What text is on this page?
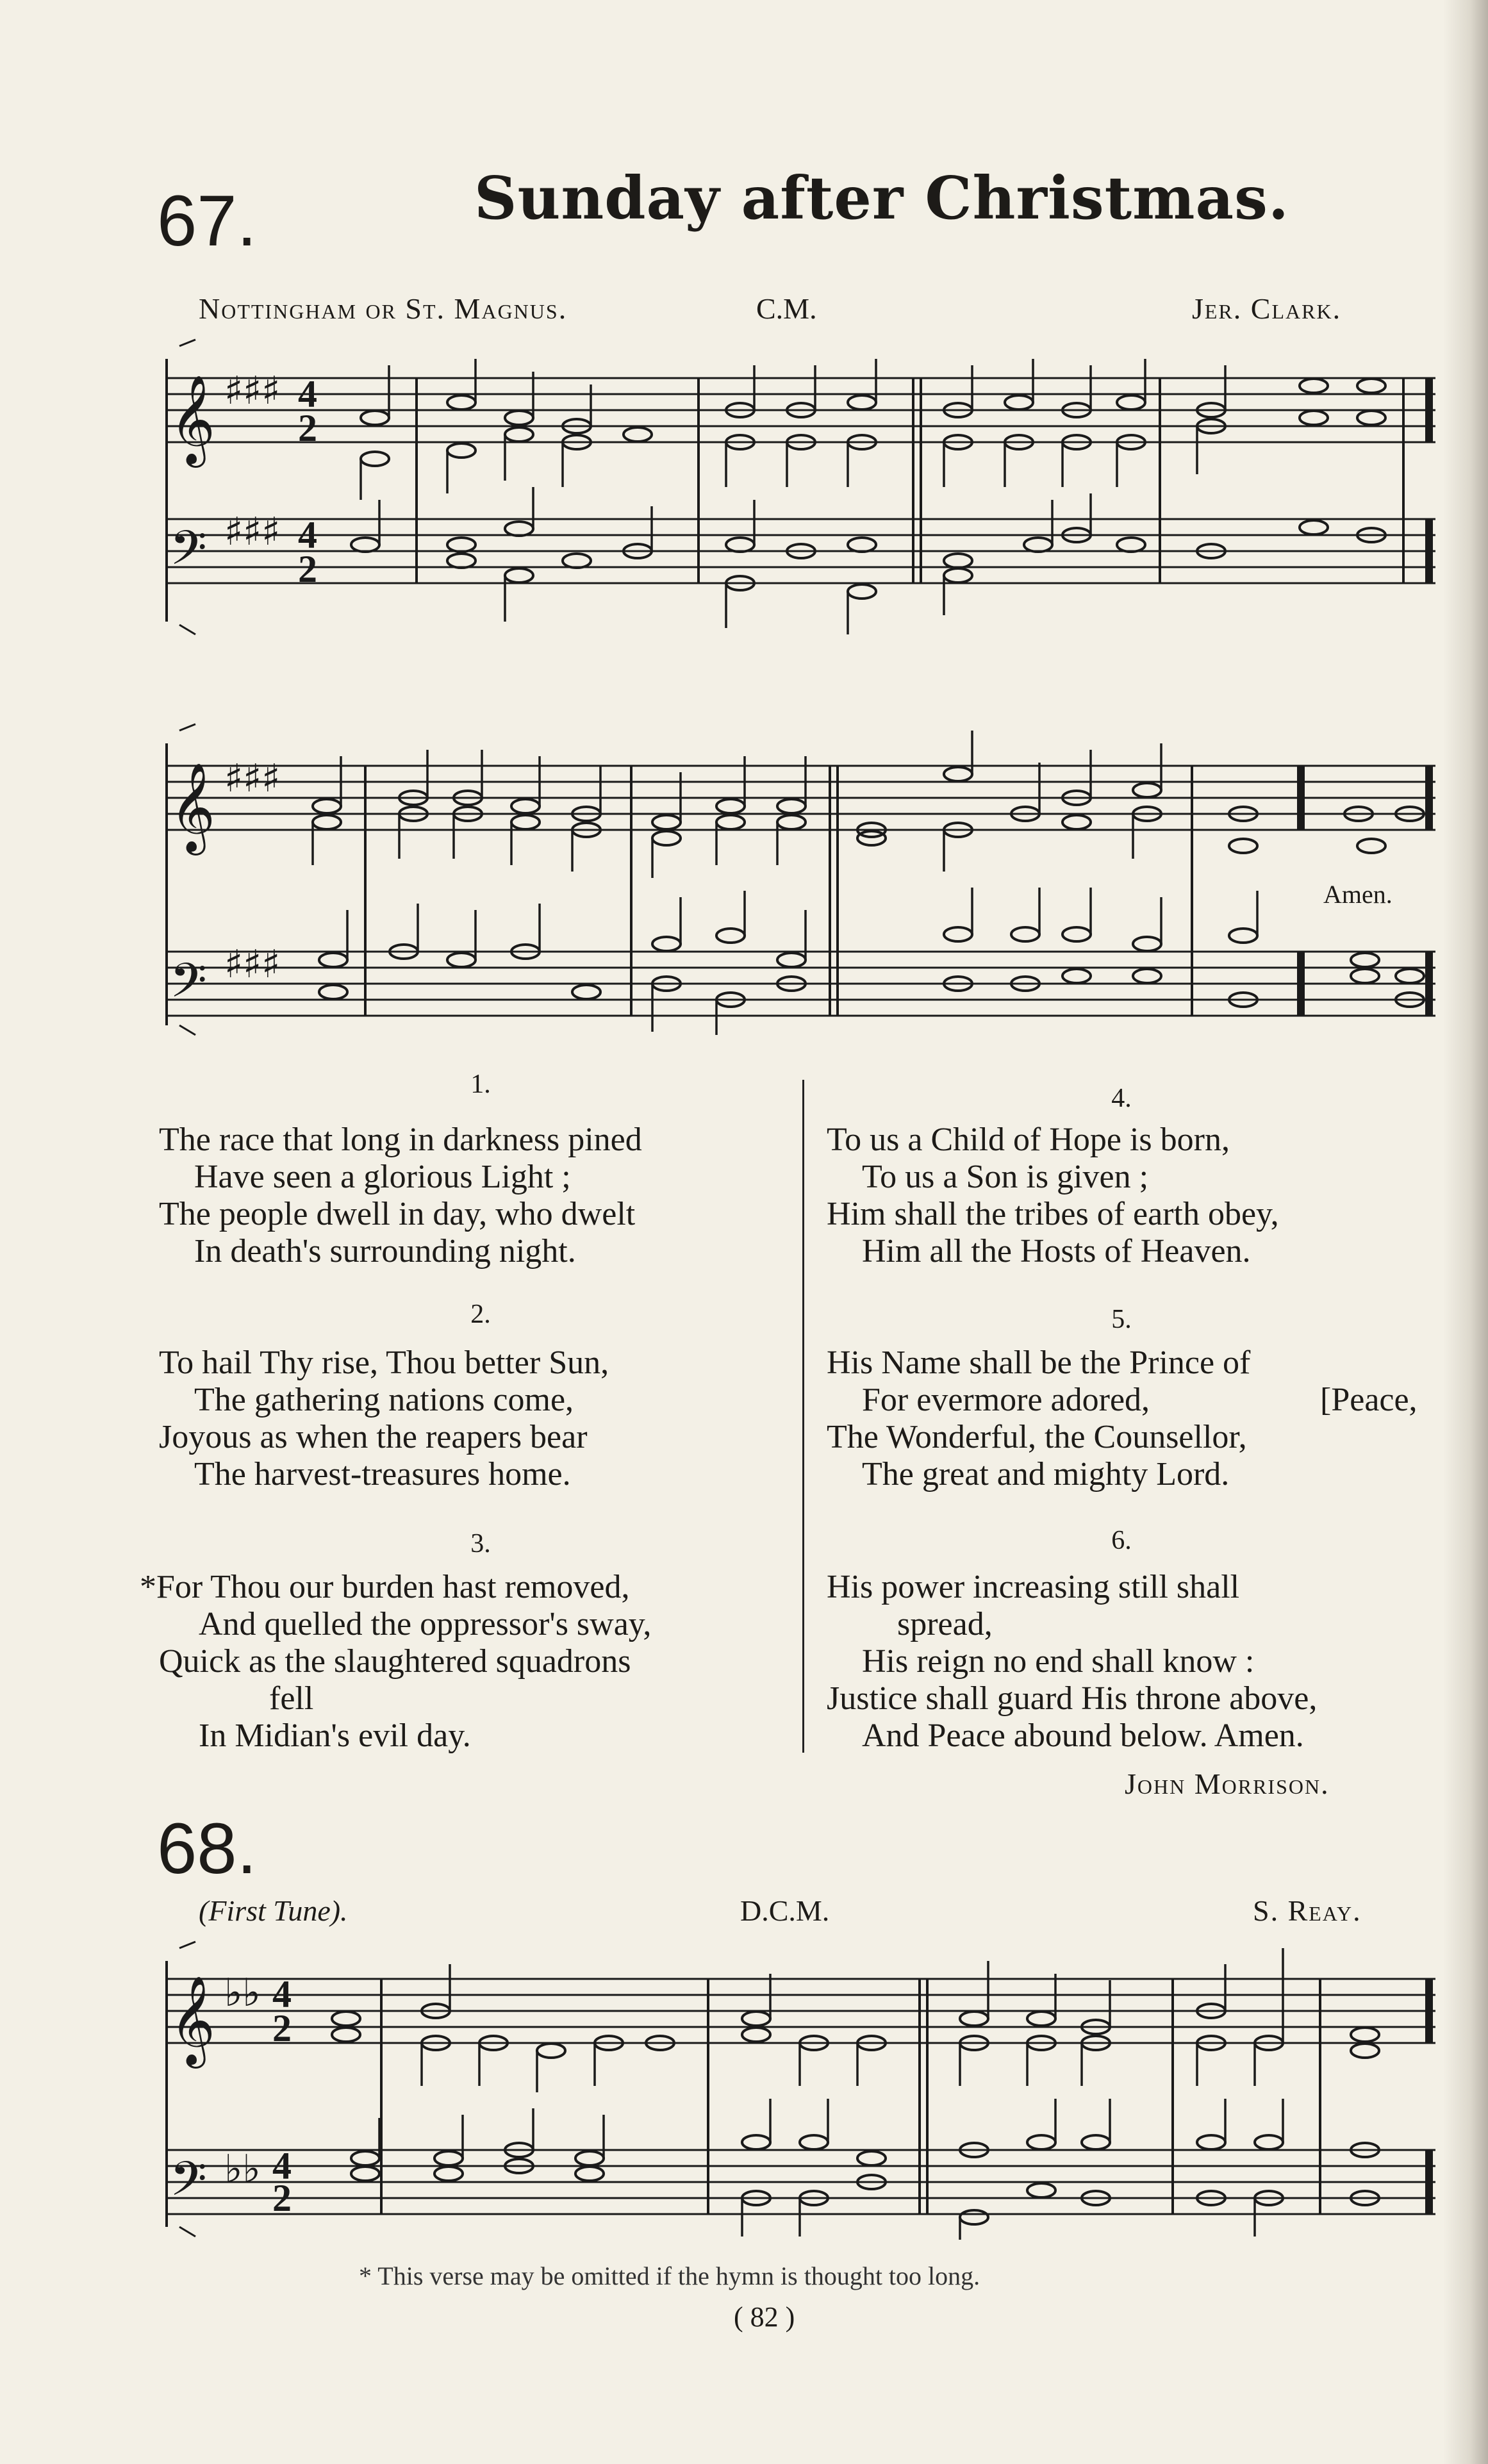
67.	Sunday after Christmas.
Nottingham or St. Magnus.	C.M.	Jer. Clark.
𝄞 ♯♯♯ 4
2
𝄢 ♯♯♯ 4
2
𝄞 ♯♯♯
𝄢 ♯♯♯
Amen.
1.
The race that long in darkness pined
Have seen a glorious Light ;
The people dwell in day, who dwelt
In death's surrounding night.
2.
To hail Thy rise, Thou better Sun,
The gathering nations come,
Joyous as when the reapers bear
The harvest-treasures home.
3.
*For Thou our burden hast removed,
And quelled the oppressor's sway,
Quick as the slaughtered squadrons
fell
In Midian's evil day.
4.
To us a Child of Hope is born,
To us a Son is given ;
Him shall the tribes of earth obey,
Him all the Hosts of Heaven.
5.
His Name shall be the Prince of
For evermore adored,	[Peace,
The Wonderful, the Counsellor,
The great and mighty Lord.
6.
His power increasing still shall
spread,
His reign no end shall know :
Justice shall guard His throne above,
And Peace abound below. Amen.
John Morrison.
68.
(First Tune).	D.C.M.	S. Reay.
𝄞 ♭♭ 4
2
𝄢 ♭♭ 4
2
* This verse may be omitted if the hymn is thought too long.
( 82 )
